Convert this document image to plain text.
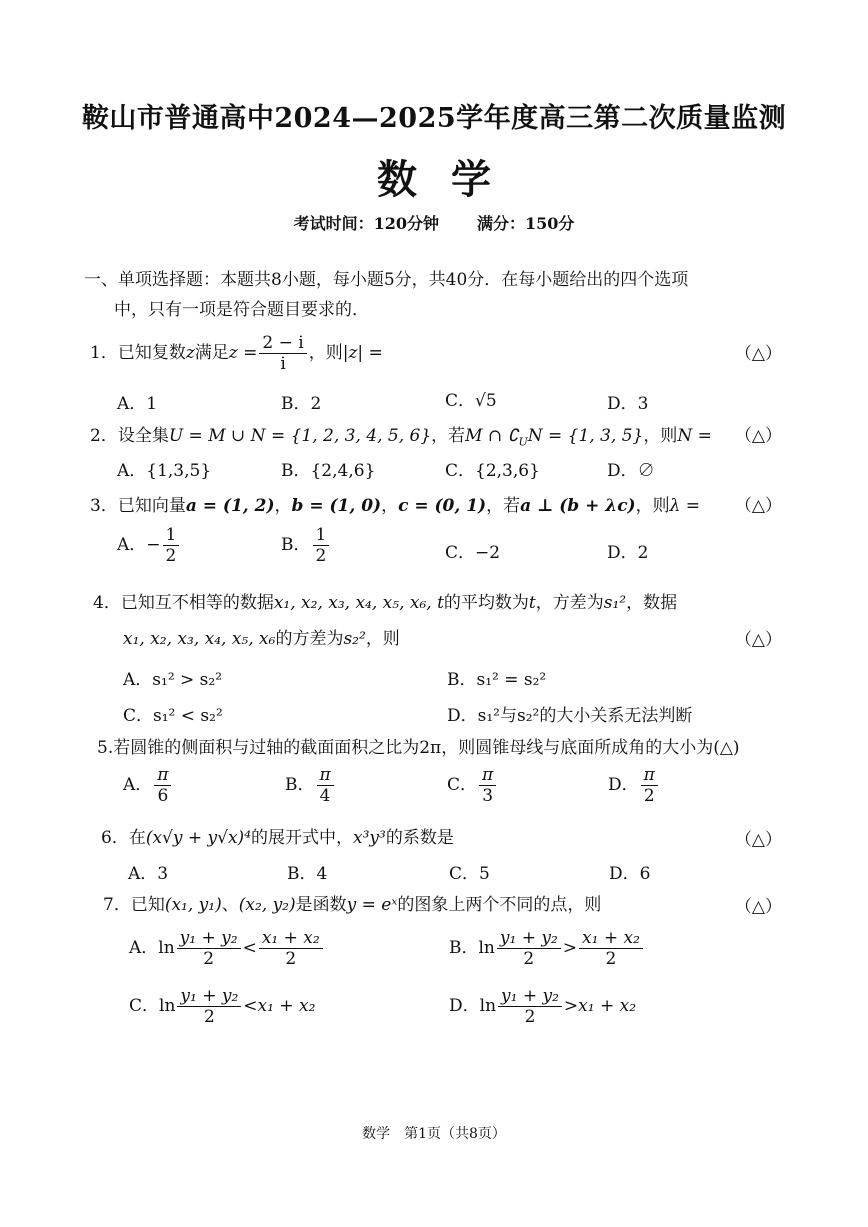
鞍山市普通高中2024—2025学年度高三第二次质量监测
数学
考试时间：120分钟 满分：150分
一、单项选择题：本题共8小题，每小题5分，共40分．在每小题给出的四个选项
中，只有一项是符合题目要求的．
1．已知复数z满足$z = \frac{2 - i}{i}$ ，则|z| =	（△）
A．1	B．2	C．√5	D．3
2．设全集U = M ∪ N = {1, 2, 3, 4, 5, 6}，若M ∩ $∁_UN = \{1$, 3, 5}，则N = （△）
A．{1,3,5}	B．{2,4,6}	C．{2,3,6}	D．∅
3．已知向量a = (1, 2)，b = (1, 0)，c = (0, 1)，若a ⊥ (b + λc)，则λ = （△）
A．− $\frac{1}{2}$	B． $\frac{1}{2}$	C．−2	D．2
4．已知互不相等的数据x₁, x₂, x₃, x₄, x₅, x₆, t的平均数为t，方差为s₁²，数据
x₁, x₂, x₃, x₄, x₅, x₆的方差为s₂²，则	（△）
A．s₁² > s₂²	B．s₁² = s₂²
C．s₁² < s₂²	D．s₁²与s₂²的大小关系无法判断
5.若圆锥的侧面积与过轴的截面面积之比为2π，则圆锥母线与底面所成角的大小为(△)
A． $\frac{\pi}{6}$	B． $\frac{\pi}{4}$	C． $\frac{\pi}{3}$	D． $\frac{\pi}{2}$
6．在(x√y + y√x)⁴的展开式中，x³y³的系数是	（△）
A．3	B．4	C．5	D．6
7．已知(x₁, y₁)、(x₂, y₂)是函数y = eˣ的图象上两个不同的点，则	（△）
A．$\ln \frac{\text{y₁ + y₂}}{2} < \frac{\text{x₁ + x₂}}{2}$	B．$\ln \frac{\text{y₁ + y₂}}{2} > \frac{\text{x₁ + x₂}}{2}$
C．$\ln \frac{\text{y₁ + y₂}}{2} <x_1 + x_2$	D．$\ln \frac{\text{y₁ + y₂}}{2} >x_1 + x_2$
数学　第1页（共8页）
